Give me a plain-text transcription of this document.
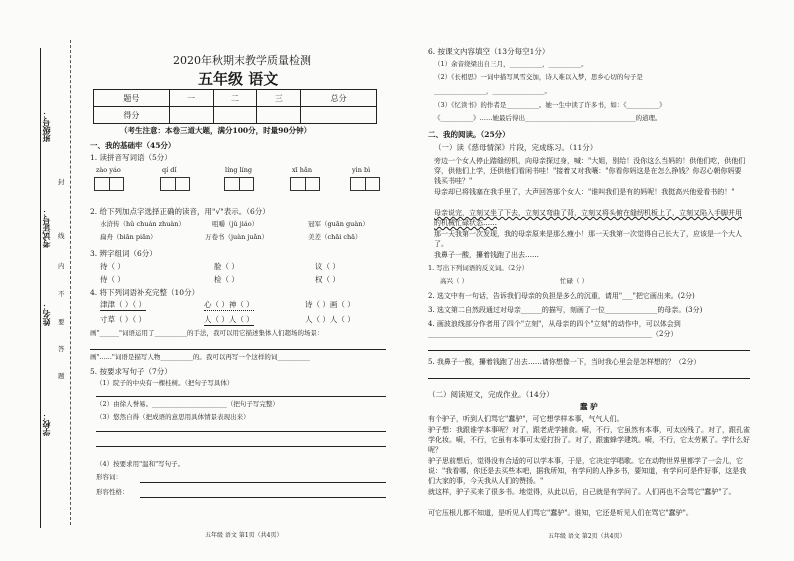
班级号：
考试证号：
姓名：
学校：
封
线
内
不
要
答
题
2020年秋期末教学质量检测
五年级 语文
题号	一	二	三	总分
得分				
（考生注意：本卷三道大题，满分100分，时量90分钟）
一、我的基础牢（45分）
1. 读拼音写词语（5分）
zào yáo	qí dǐ	líng líng	xī hǎn	yìn bì
2. 给下列加点字选择正确的读音，用"√"表示。（6分）
水浒传（hǔ chuán zhuàn）	咀嚼（jǔ jiáo）	冠军（guān guàn）
扁舟（biān piān）	万卷书（juàn juǎn）	美差（chāi chā）
3. 辨字组词（6分）
待（ ）	脸（ ）	议（ ）
侍（ ）	检（ ）	权（ ）
4. 将下列词语补充完整（10分）
津津（ ）（ ）	心（ ）神（ ）	诗（ ）画（ ）
寸草（ ）（ ）	人（ ）人（ ）	人（ ）人（ ）
画"______"词语运用了__________的手法，我可以用它描述集体人们超场的场景：
画"......"词语是描写人物__________的。我可以再写一个这样的词__________
5. 按要求写句子（7分）
（1）院子的中央有一棵桂树。（把句子写具体）
（2）由徐人誉易。_______________________（把句子写完整）
（3）悠然自得（把成语的意思用具体情景表现出来）
（4）按要求用"温和"写句子。
形容词：
形容性格：
五年级 语文 第1页（共4页）
6. 按课文内容填空（13分每空1分）
（1）余音绕梁出自三月，__________，__________。
（2）《长相思》一词中描写风雪交加，诗人难以入梦，思乡心切的句子是
________________，________________。
（3）《忆读书》的作者是__________。她一生中读了许多书，如：《__________》
《__________》……她最后得出__________________________________的道理。
二、我的阅读。（25分）
（一）读《慈母情深》片段，完成练习。（11分）
旁边一个女人停止踏缝纫机，向母亲探过身，喊："大姐，别给！没你这么当妈的！供他们吃，供他们穿，供他们上学，还供他们看闲书哇！"接着又对我嚷："你看你妈这是在怎么挣钱？你忍心朝你妈要钱买书哇？"
母亲却已将钱塞在我手里了，大声回答那个女人："谁叫我们是有的妈呢！我挺高兴他爱看书的！"
母亲说完，立刻又坐了下去，立刻又弯曲了背，立刻又将头俯在缝纫机板上了，立刻又陷入手脚并用的机械忙碌状态……
那一天我第一次发现，我的母亲原来是那么瘦小！那一天我第一次觉得自己长大了，应该是一个大人了。
我鼻子一酸，攥着钱跑了出去……
1. 写出下列词语的反义词。（2分）
高兴（ ）	忙碌（ ）
2. 选文中有一句话，告诉我们母亲的负担是多么的沉重，请用"___"把它画出来。(2分)
3. 选文第二自然段通过对母亲______的描写，刻画了一位_______________的母亲。(3分)
4. 画波浪线部分作者用了四个"立刻"，从母亲的四个"立刻"的动作中，可以体会到________________________________________________________________（2分）
5. 我鼻子一酸，攥着钱跑了出去……请你想像一下，当时我心里会是怎样想的？（2分）
（二）阅读短文，完成作业。（14分）
蠢 驴
有个驴子，听到人们骂它"蠢驴"，可它想学样本事，气气人们。
驴子想：我跟谁学本事呢？对了，跟老虎学捕食。嗬，不行，它虽然有本事，可太凶残了。对了，跟孔雀学化妆。嗬，不行，它虽有本事可太爱打扮了。对了，跟蜜蜂学建筑。嗬，不行，它太劳累了。学什么好呢？
驴子思前想后，觉得没有合适的可以学本事，于是，它决定学唱歌。它在动物世界里都学了一会儿，它说："我看哪，你还是去买些本吧，据我所知，有学问的人挣多书，要知道，有学问可是件好事，这是我们大家的事，今天我从人们的赞扬。"
就这样，驴子买来了很多书。地觉得，从此以后，自己就是有学问了。人们再也不会骂它"蠢驴"了。
可它压根儿都不知道，是听见人们骂它"蠢驴"。谁知，它还是听见人们在骂它"蠢驴"。
五年级 语文 第2页（共4页）
